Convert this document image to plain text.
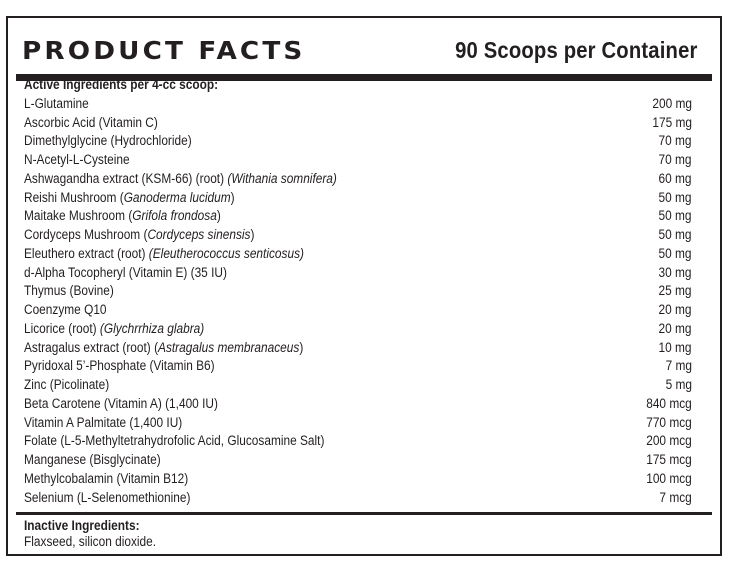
PRODUCT FACTS	90 Scoops per Container
Active Ingredients per 4-cc scoop:
L-Glutamine	200 mg
Ascorbic Acid (Vitamin C)	175 mg
Dimethylglycine (Hydrochloride)	70 mg
N-Acetyl-L-Cysteine	70 mg
Ashwagandha extract (KSM-66) (root) (Withania somnifera)	60 mg
Reishi Mushroom (Ganoderma lucidum)	50 mg
Maitake Mushroom (Grifola frondosa)	50 mg
Cordyceps Mushroom (Cordyceps sinensis)	50 mg
Eleuthero extract (root) (Eleutherococcus senticosus)	50 mg
d-Alpha Tocopheryl (Vitamin E) (35 IU)	30 mg
Thymus (Bovine)	25 mg
Coenzyme Q10	20 mg
Licorice (root) (Glychrrhiza glabra)	20 mg
Astragalus extract (root) (Astragalus membranaceus)	10 mg
Pyridoxal 5’-Phosphate (Vitamin B6)	7 mg
Zinc (Picolinate)	5 mg
Beta Carotene (Vitamin A) (1,400 IU)	840 mcg
Vitamin A Palmitate (1,400 IU)	770 mcg
Folate (L-5-Methyltetrahydrofolic Acid, Glucosamine Salt)	200 mcg
Manganese (Bisglycinate)	175 mcg
Methylcobalamin (Vitamin B12)	100 mcg
Selenium (L-Selenomethionine)	7 mcg
Inactive Ingredients:
Flaxseed, silicon dioxide.
